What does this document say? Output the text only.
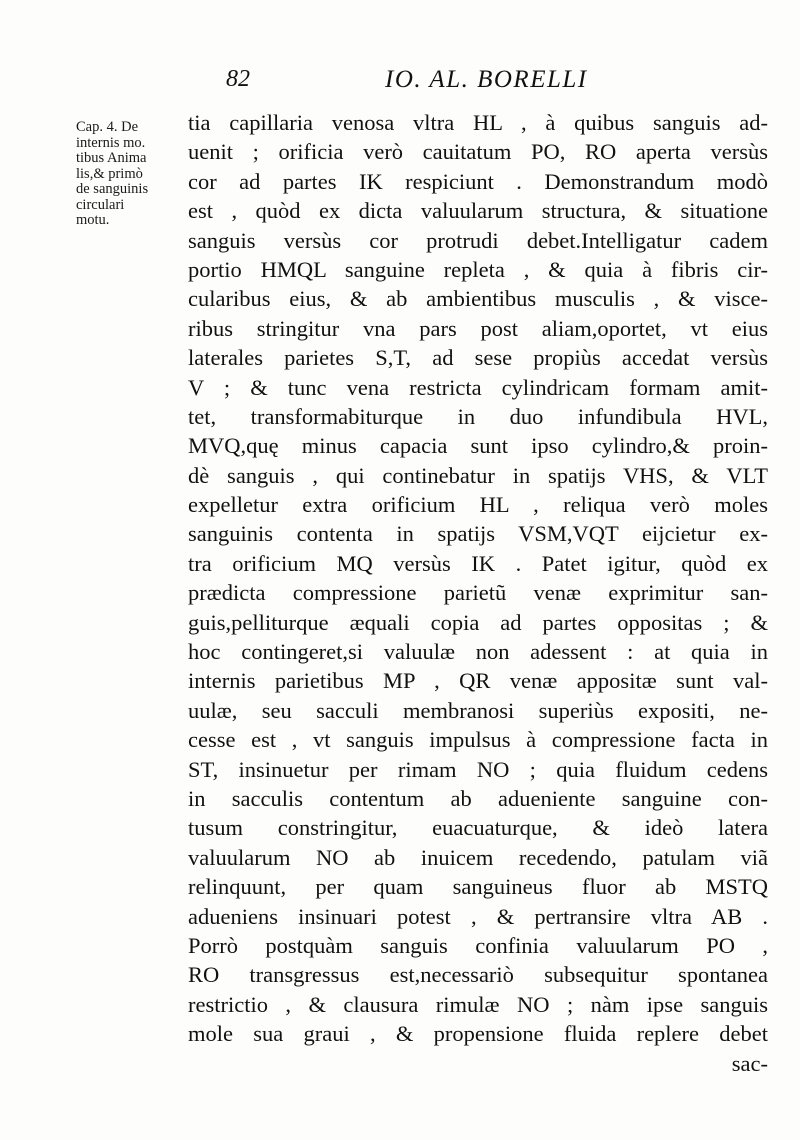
82	IO. AL. BORELLI
Cap. 4. De
internis mo.
tibus Anima
lis,& primò
de sanguinis
circulari
motu.
tia capillaria venosa vltra HL , à quibus sanguis ad-
uenit ; orificia verò cauitatum PO, RO aperta versùs
cor ad partes IK respiciunt . Demonstrandum modò
est , quòd ex dicta valuularum structura, & situatione
sanguis versùs cor protrudi debet.Intelligatur cadem
portio HMQL sanguine repleta , & quia à fibris cir-
cularibus eius, & ab ambientibus musculis , & visce-
ribus stringitur vna pars post aliam,oportet, vt eius
laterales parietes S,T, ad sese propiùs accedat versùs
V ; & tunc vena restricta cylindricam formam amit-
tet, transformabiturque in duo infundibula HVL,
MVQ,quę minus capacia sunt ipso cylindro,& proin-
dè sanguis , qui continebatur in spatijs VHS, & VLT
expelletur extra orificium HL , reliqua verò moles
sanguinis contenta in spatijs VSM,VQT eijcietur ex-
tra orificium MQ versùs IK . Patet igitur, quòd ex
prædicta compressione parietũ venæ exprimitur san-
guis,pelliturque æquali copia ad partes oppositas ; &
hoc contingeret,si valuulæ non adessent : at quia in
internis parietibus MP , QR venæ appositæ sunt val-
uulæ, seu sacculi membranosi superiùs expositi, ne-
cesse est , vt sanguis impulsus à compressione facta in
ST, insinuetur per rimam NO ; quia fluidum cedens
in sacculis contentum ab adueniente sanguine con-
tusum constringitur, euacuaturque, & ideò latera
valuularum NO ab inuicem recedendo, patulam viã
relinquunt, per quam sanguineus fluor ab MSTQ
adueniens insinuari potest , & pertransire vltra AB .
Porrò postquàm sanguis confinia valuularum PO ,
RO transgressus est,necessariò subsequitur spontanea
restrictio , & clausura rimulæ NO ; nàm ipse sanguis
mole sua graui , & propensione fluida replere debet
sac-
